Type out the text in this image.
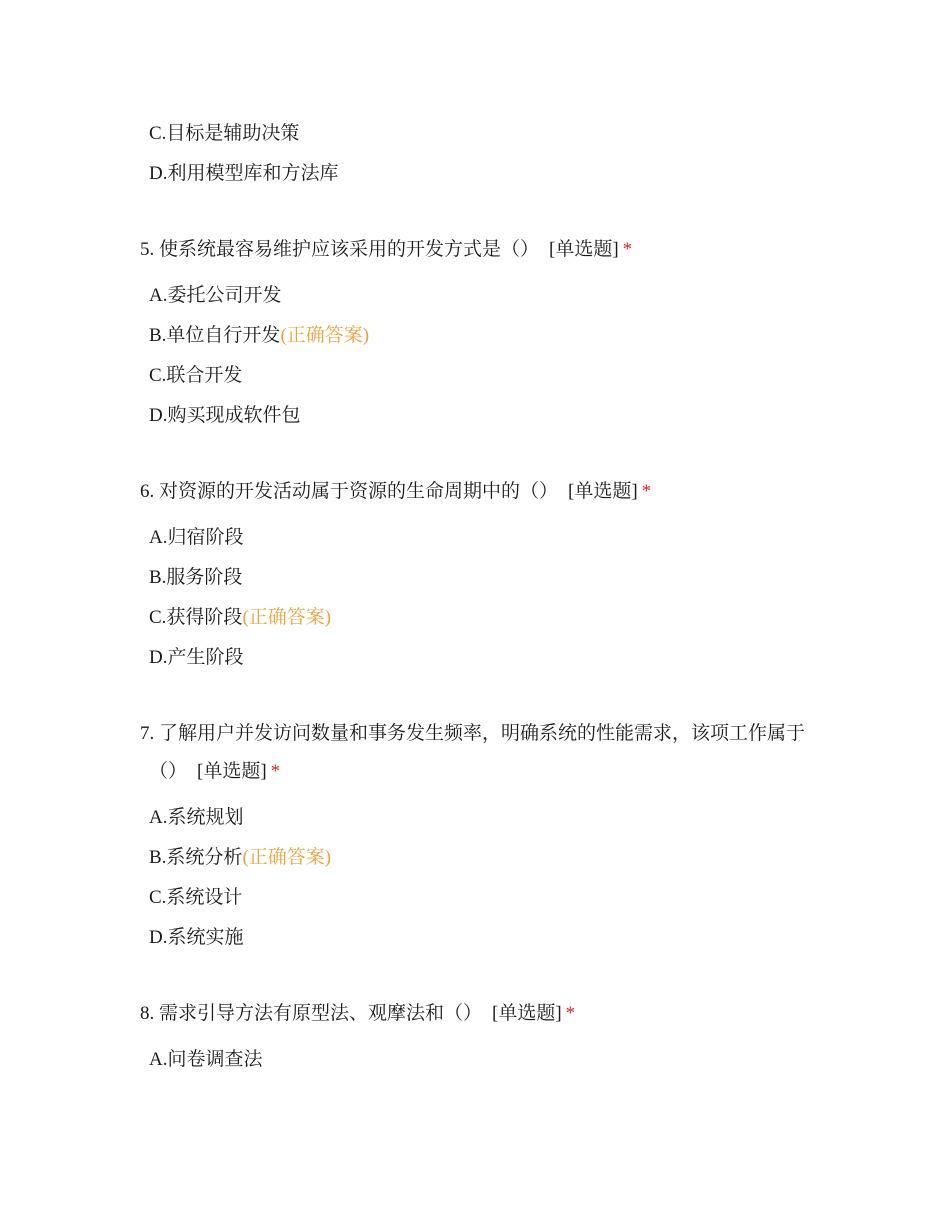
C.目标是辅助决策
D.利用模型库和方法库
5. 使系统最容易维护应该采用的开发方式是（） [单选题] *
A.委托公司开发
B.单位自行开发(正确答案)
C.联合开发
D.购买现成软件包
6. 对资源的开发活动属于资源的生命周期中的（） [单选题] *
A.归宿阶段
B.服务阶段
C.获得阶段(正确答案)
D.产生阶段
7. 了解用户并发访问数量和事务发生频率，明确系统的性能需求，该项工作属于
（） [单选题] *
A.系统规划
B.系统分析(正确答案)
C.系统设计
D.系统实施
8. 需求引导方法有原型法、观摩法和（） [单选题] *
A.问卷调查法
